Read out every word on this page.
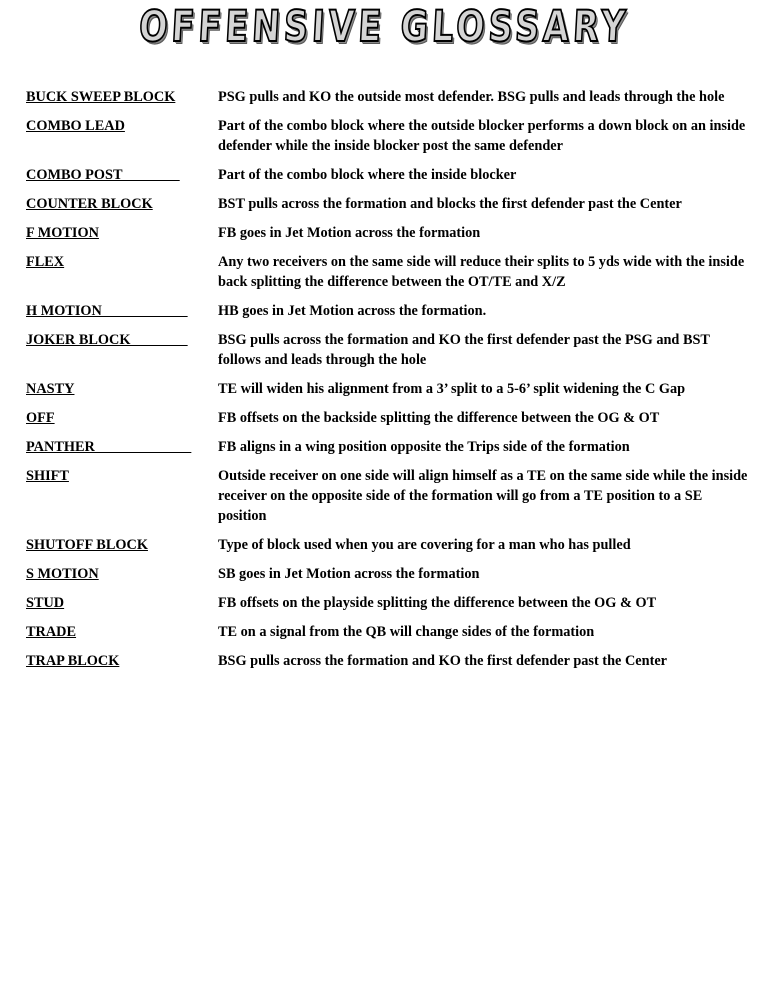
OFFENSIVE GLOSSARY
BUCK SWEEP BLOCK	PSG pulls and KO the outside most defender. BSG pulls and leads through the hole
COMBO LEAD	Part of the combo block where the outside blocker performs a down block on an inside defender while the inside blocker post the same defender
COMBO POST	Part of the combo block where the inside blocker
COUNTER BLOCK	BST pulls across the formation and blocks the first defender past the Center
F MOTION	FB goes in Jet Motion across the formation
FLEX	Any two receivers on the same side will reduce their splits to 5 yds wide with the inside back splitting the difference between the OT/TE and X/Z
H MOTION	HB goes in Jet Motion across the formation.
JOKER BLOCK	BSG pulls across the formation and KO the first defender past the PSG and BST follows and leads through the hole
NASTY	TE will widen his alignment from a 3’ split to a 5-6’ split widening the C Gap
OFF	FB offsets on the backside splitting the difference between the OG & OT
PANTHER	FB aligns in a wing position opposite the Trips side of the formation
SHIFT	Outside receiver on one side will align himself as a TE on the same side while the inside receiver on the opposite side of the formation will go from a TE position to a SE position
SHUTOFF BLOCK	Type of block used when you are covering for a man who has pulled
S MOTION	SB goes in Jet Motion across the formation
STUD	FB offsets on the playside splitting the difference between the OG & OT
TRADE	TE on a signal from the QB will change sides of the formation
TRAP BLOCK	BSG pulls across the formation and KO the first defender past the Center
